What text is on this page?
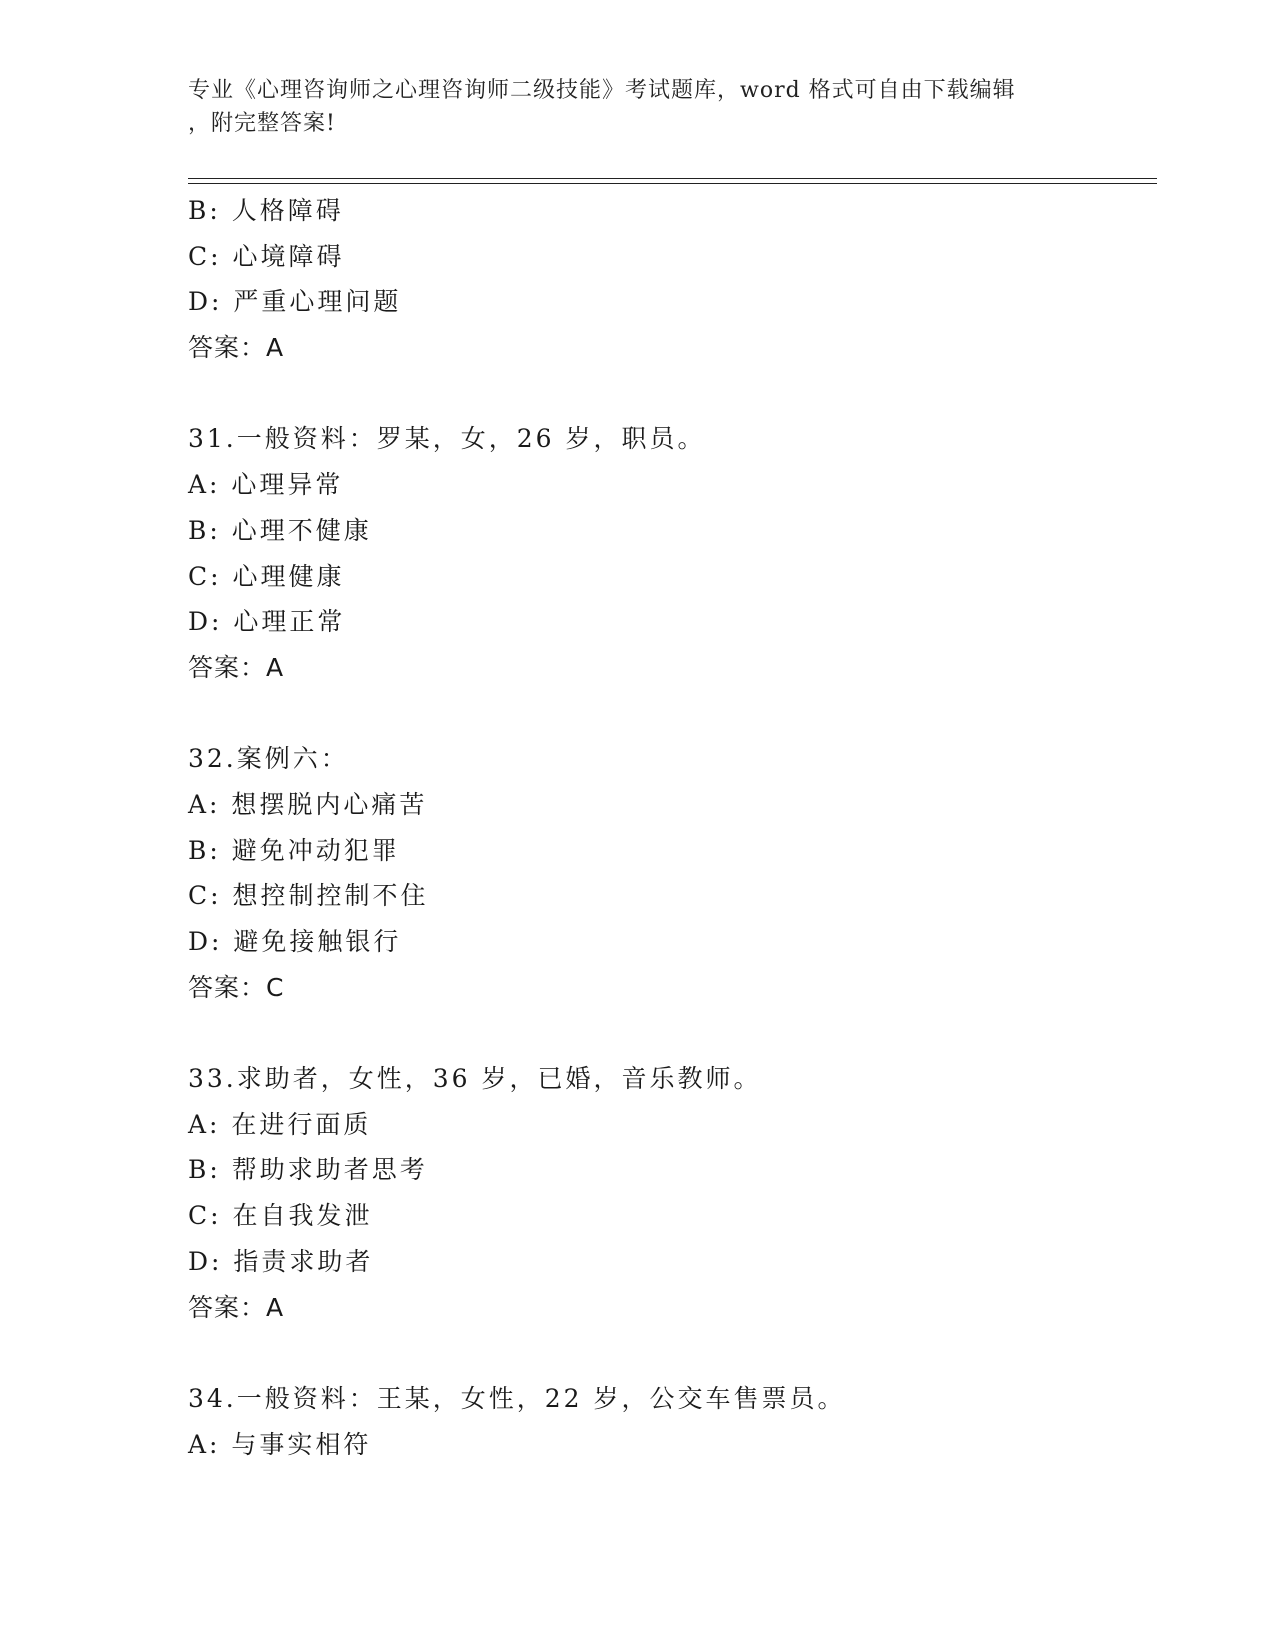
专业《心理咨询师之心理咨询师二级技能》考试题库，word 格式可自由下载编辑
，附完整答案!
B: 人格障碍
C: 心境障碍
D: 严重心理问题
答案：A
31.一般资料：罗某，女，26 岁，职员。
A: 心理异常
B: 心理不健康
C: 心理健康
D: 心理正常
答案：A
32.案例六：
A: 想摆脱内心痛苦
B: 避免冲动犯罪
C: 想控制控制不住
D: 避免接触银行
答案：C
33.求助者，女性，36 岁，已婚，音乐教师。
A: 在进行面质
B: 帮助求助者思考
C: 在自我发泄
D: 指责求助者
答案：A
34.一般资料：王某，女性，22 岁，公交车售票员。
A: 与事实相符
